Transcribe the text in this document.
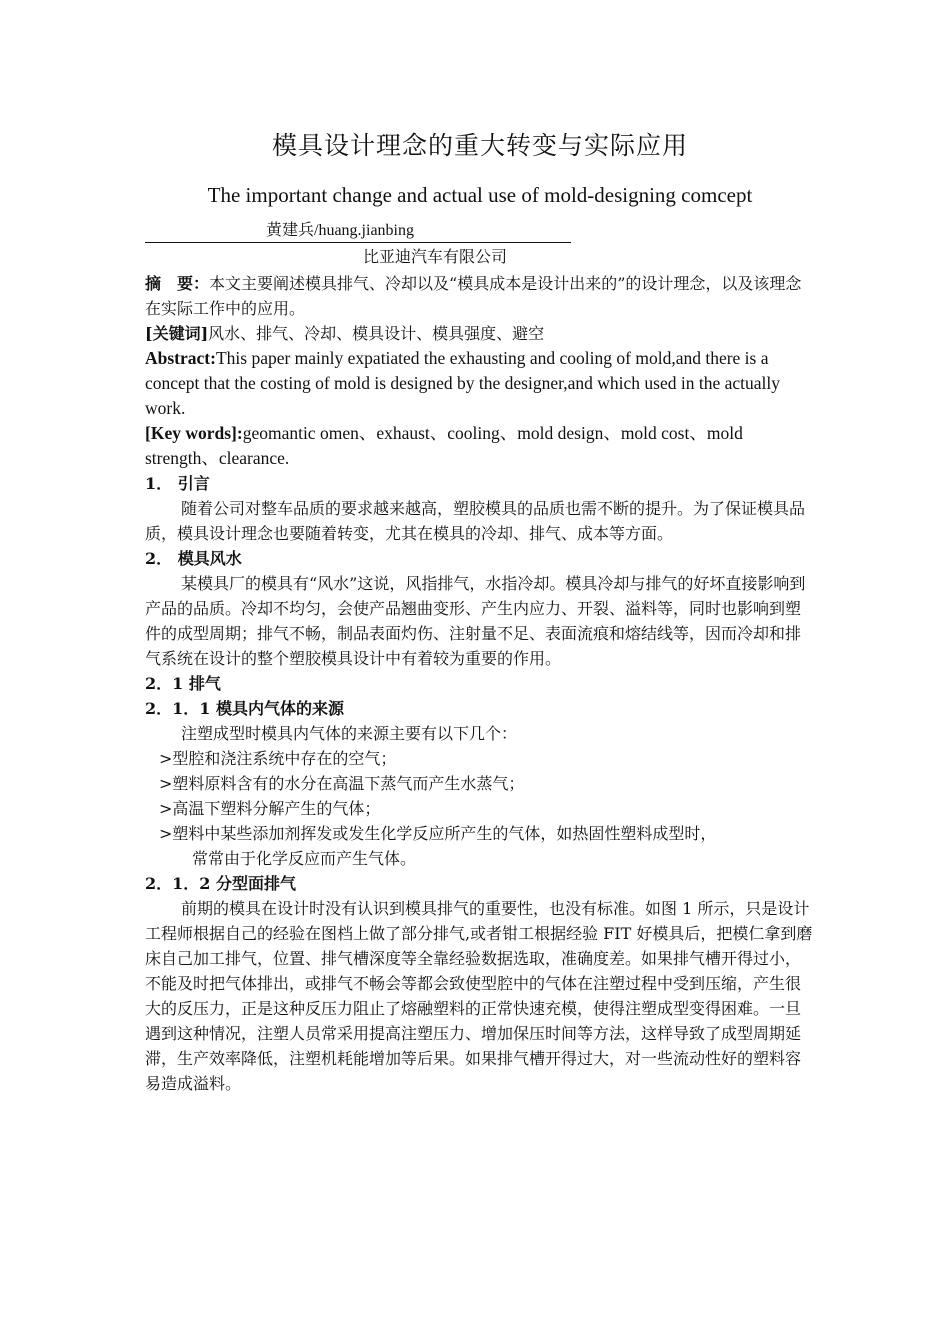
模具设计理念的重大转变与实际应用
The important change and actual use of mold-designing comcept
黄建兵/huang.jianbing
比亚迪汽车有限公司

摘　要：本文主要阐述模具排气、冷却以及“模具成本是设计出来的”的设计理念，以及该理念在实际工作中的应用。

[关键词]风水、排气、冷却、模具设计、模具强度、避空

Abstract:This paper mainly expatiated the exhausting and cooling of mold,and there is a concept that the costing of mold is designed by the designer,and which used in the actually work.

[Key words]:geomantic omen、exhaust、cooling、mold design、mold cost、mold strength、clearance.

1． 引言

随着公司对整车品质的要求越来越高，塑胶模具的品质也需不断的提升。为了保证模具品质，模具设计理念也要随着转变，尤其在模具的冷却、排气、成本等方面。

2． 模具风水

某模具厂的模具有“风水”这说，风指排气，水指冷却。模具冷却与排气的好坏直接影响到产品的品质。冷却不均匀，会使产品翘曲变形、产生内应力、开裂、溢料等，同时也影响到塑件的成型周期；排气不畅，制品表面灼伤、注射量不足、表面流痕和熔结线等，因而冷却和排气系统在设计的整个塑胶模具设计中有着较为重要的作用。

2．1 排气

2．1．1 模具内气体的来源

注塑成型时模具内气体的来源主要有以下几个：

>型腔和浇注系统中存在的空气；

>塑料原料含有的水分在高温下蒸气而产生水蒸气；

>高温下塑料分解产生的气体；

>塑料中某些添加剂挥发或发生化学反应所产生的气体，如热固性塑料成型时，

常常由于化学反应而产生气体。

2．1．2 分型面排气

前期的模具在设计时没有认识到模具排气的重要性，也没有标准。如图 1 所示，只是设计工程师根据自己的经验在图档上做了部分排气,或者钳工根据经验 FIT 好模具后，把模仁拿到磨床自己加工排气，位置、排气槽深度等全靠经验数据选取，准确度差。如果排气槽开得过小，不能及时把气体排出，或排气不畅会等都会致使型腔中的气体在注塑过程中受到压缩，产生很大的反压力，正是这种反压力阻止了熔融塑料的正常快速充模，使得注塑成型变得困难。一旦遇到这种情况，注塑人员常采用提高注塑压力、增加保压时间等方法，这样导致了成型周期延滞，生产效率降低，注塑机耗能增加等后果。如果排气槽开得过大，对一些流动性好的塑料容易造成溢料。
